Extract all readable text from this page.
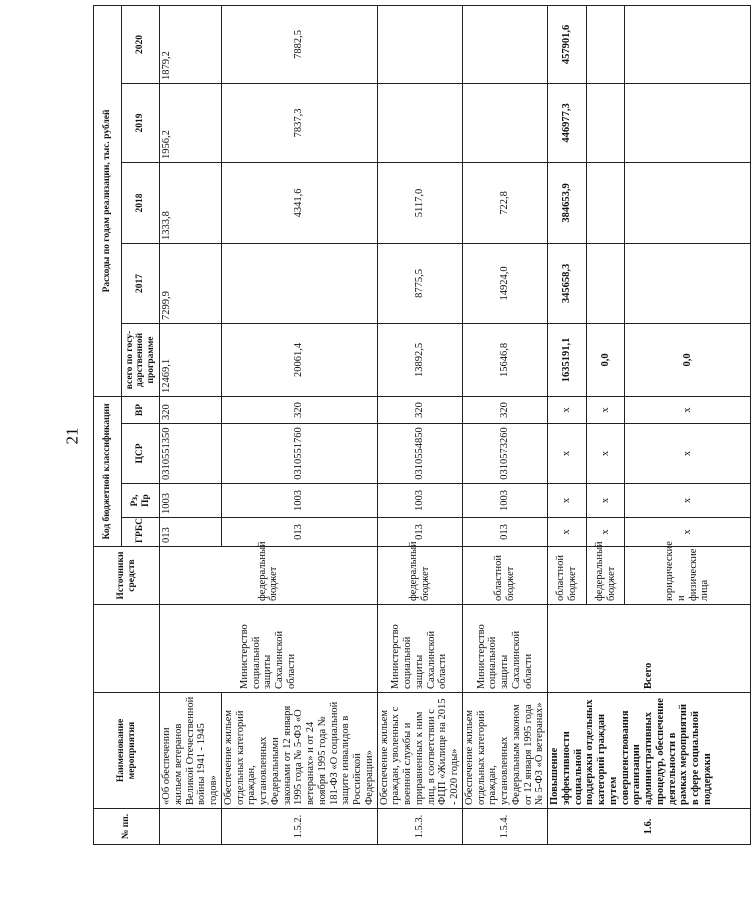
21
№ пп.	Наименование мероприятия		Источники средств	Код бюджетной классификации				Расходы по годам реализации, тыс. рублей				
				ГРБС	Рз, Пр	ЦСР	ВР	всего по госу-дарственной программе	2017	2018	2019	2020
	«Об обеспечении жильем ветеранов Великой Отечественной войны 1941 - 1945 годов»	Министерство социальной защиты Сахалинской области	федеральный бюджет	013	1003	0310551350	320	12469,1	7299,9	1333,8	1956,2	1879,2
1.5.2.	Обеспечение жильем отдельных категорий граждан, установленных Федеральными законами от 12 января 1995 года № 5-ФЗ «О ветеранах» и от 24 ноября 1995 года № 181-ФЗ «О социальной защите инвалидов в Российской Федерации»			013	1003	0310551760	320	20061,4		4341,6	7837,3	7882,5
1.5.3.	Обеспечение жильем граждан, уволенных с военной службы и приравненных к ним лиц, в соответствии с ФЦП «Жилище на 2015 - 2020 годы»	Министерство социальной защиты Сахалинской области	федеральный бюджет	013	1003	0310554850	320	13892,5	8775,5	5117,0		
1.5.4.	Обеспечение жильем отдельных категорий граждан, установленных Федеральным законом от 12 января 1995 года № 5-ФЗ «О ветеранах»	Министерство социальной защиты Сахалинской области	областной бюджет	013	1003	0310573260	320	15646,8	14924,0	722,8		
1.6.	Повышение эффективности социальной поддержки отдельных категорий граждан путем совершенствования организации административных процедур, обеспечение деятельности в рамках мероприятий в сфере социальной поддержки	Всего	областной бюджет	х	х	х	х	1635191,1	345658,3	384653,9	446977,3	457901,6
			федеральный бюджет	х	х	х	х	0,0				
			юридические и физические лица	х	х	х	х	0,0				
